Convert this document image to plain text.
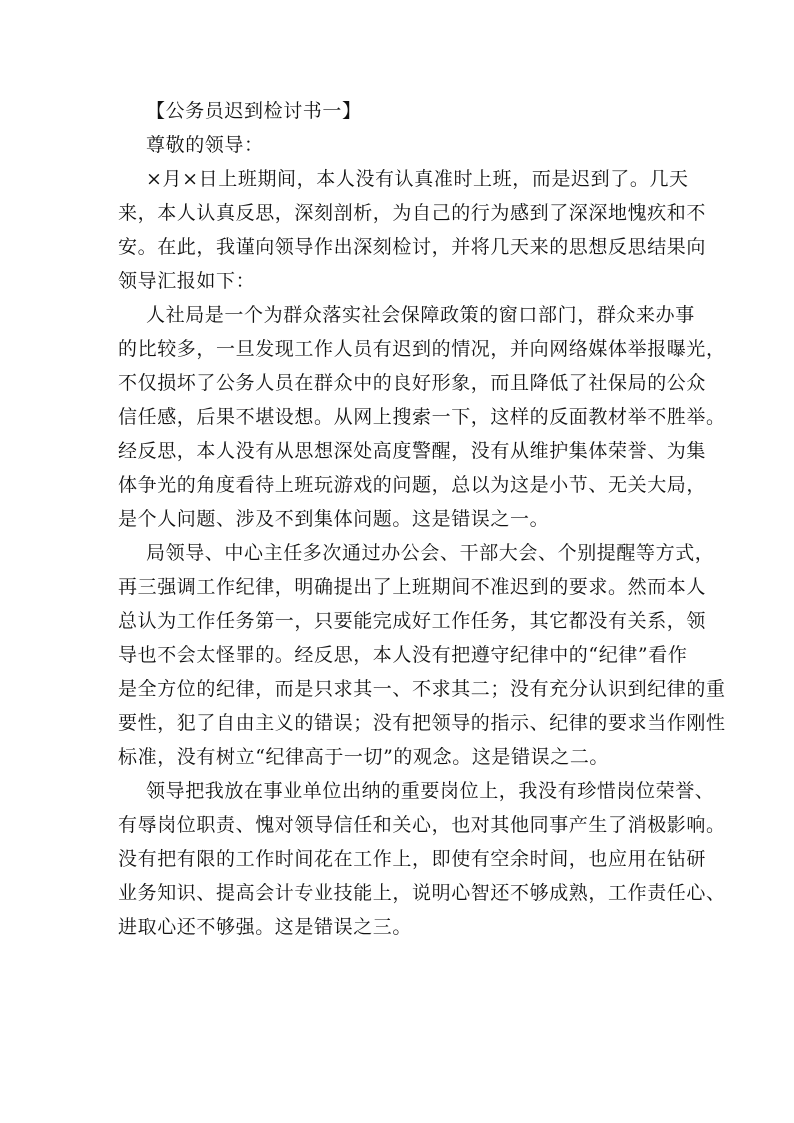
【公务员迟到检讨书一】
尊敬的领导：
×月×日上班期间，本人没有认真准时上班，而是迟到了。几天
来，本人认真反思，深刻剖析，为自己的行为感到了深深地愧疚和不
安。在此，我谨向领导作出深刻检讨，并将几天来的思想反思结果向
领导汇报如下：
人社局是一个为群众落实社会保障政策的窗口部门，群众来办事
的比较多，一旦发现工作人员有迟到的情况，并向网络媒体举报曝光，
不仅损坏了公务人员在群众中的良好形象，而且降低了社保局的公众
信任感，后果不堪设想。从网上搜索一下，这样的反面教材举不胜举。
经反思，本人没有从思想深处高度警醒，没有从维护集体荣誉、为集
体争光的角度看待上班玩游戏的问题，总以为这是小节、无关大局，
是个人问题、涉及不到集体问题。这是错误之一。
局领导、中心主任多次通过办公会、干部大会、个别提醒等方式，
再三强调工作纪律，明确提出了上班期间不准迟到的要求。然而本人
总认为工作任务第一，只要能完成好工作任务，其它都没有关系，领
导也不会太怪罪的。经反思，本人没有把遵守纪律中的“纪律”看作
是全方位的纪律，而是只求其一、不求其二；没有充分认识到纪律的重
要性，犯了自由主义的错误；没有把领导的指示、纪律的要求当作刚性
标准，没有树立“纪律高于一切”的观念。这是错误之二。
领导把我放在事业单位出纳的重要岗位上，我没有珍惜岗位荣誉、
有辱岗位职责、愧对领导信任和关心，也对其他同事产生了消极影响。
没有把有限的工作时间花在工作上，即使有空余时间，也应用在钻研
业务知识、提高会计专业技能上，说明心智还不够成熟，工作责任心、
进取心还不够强。这是错误之三。
